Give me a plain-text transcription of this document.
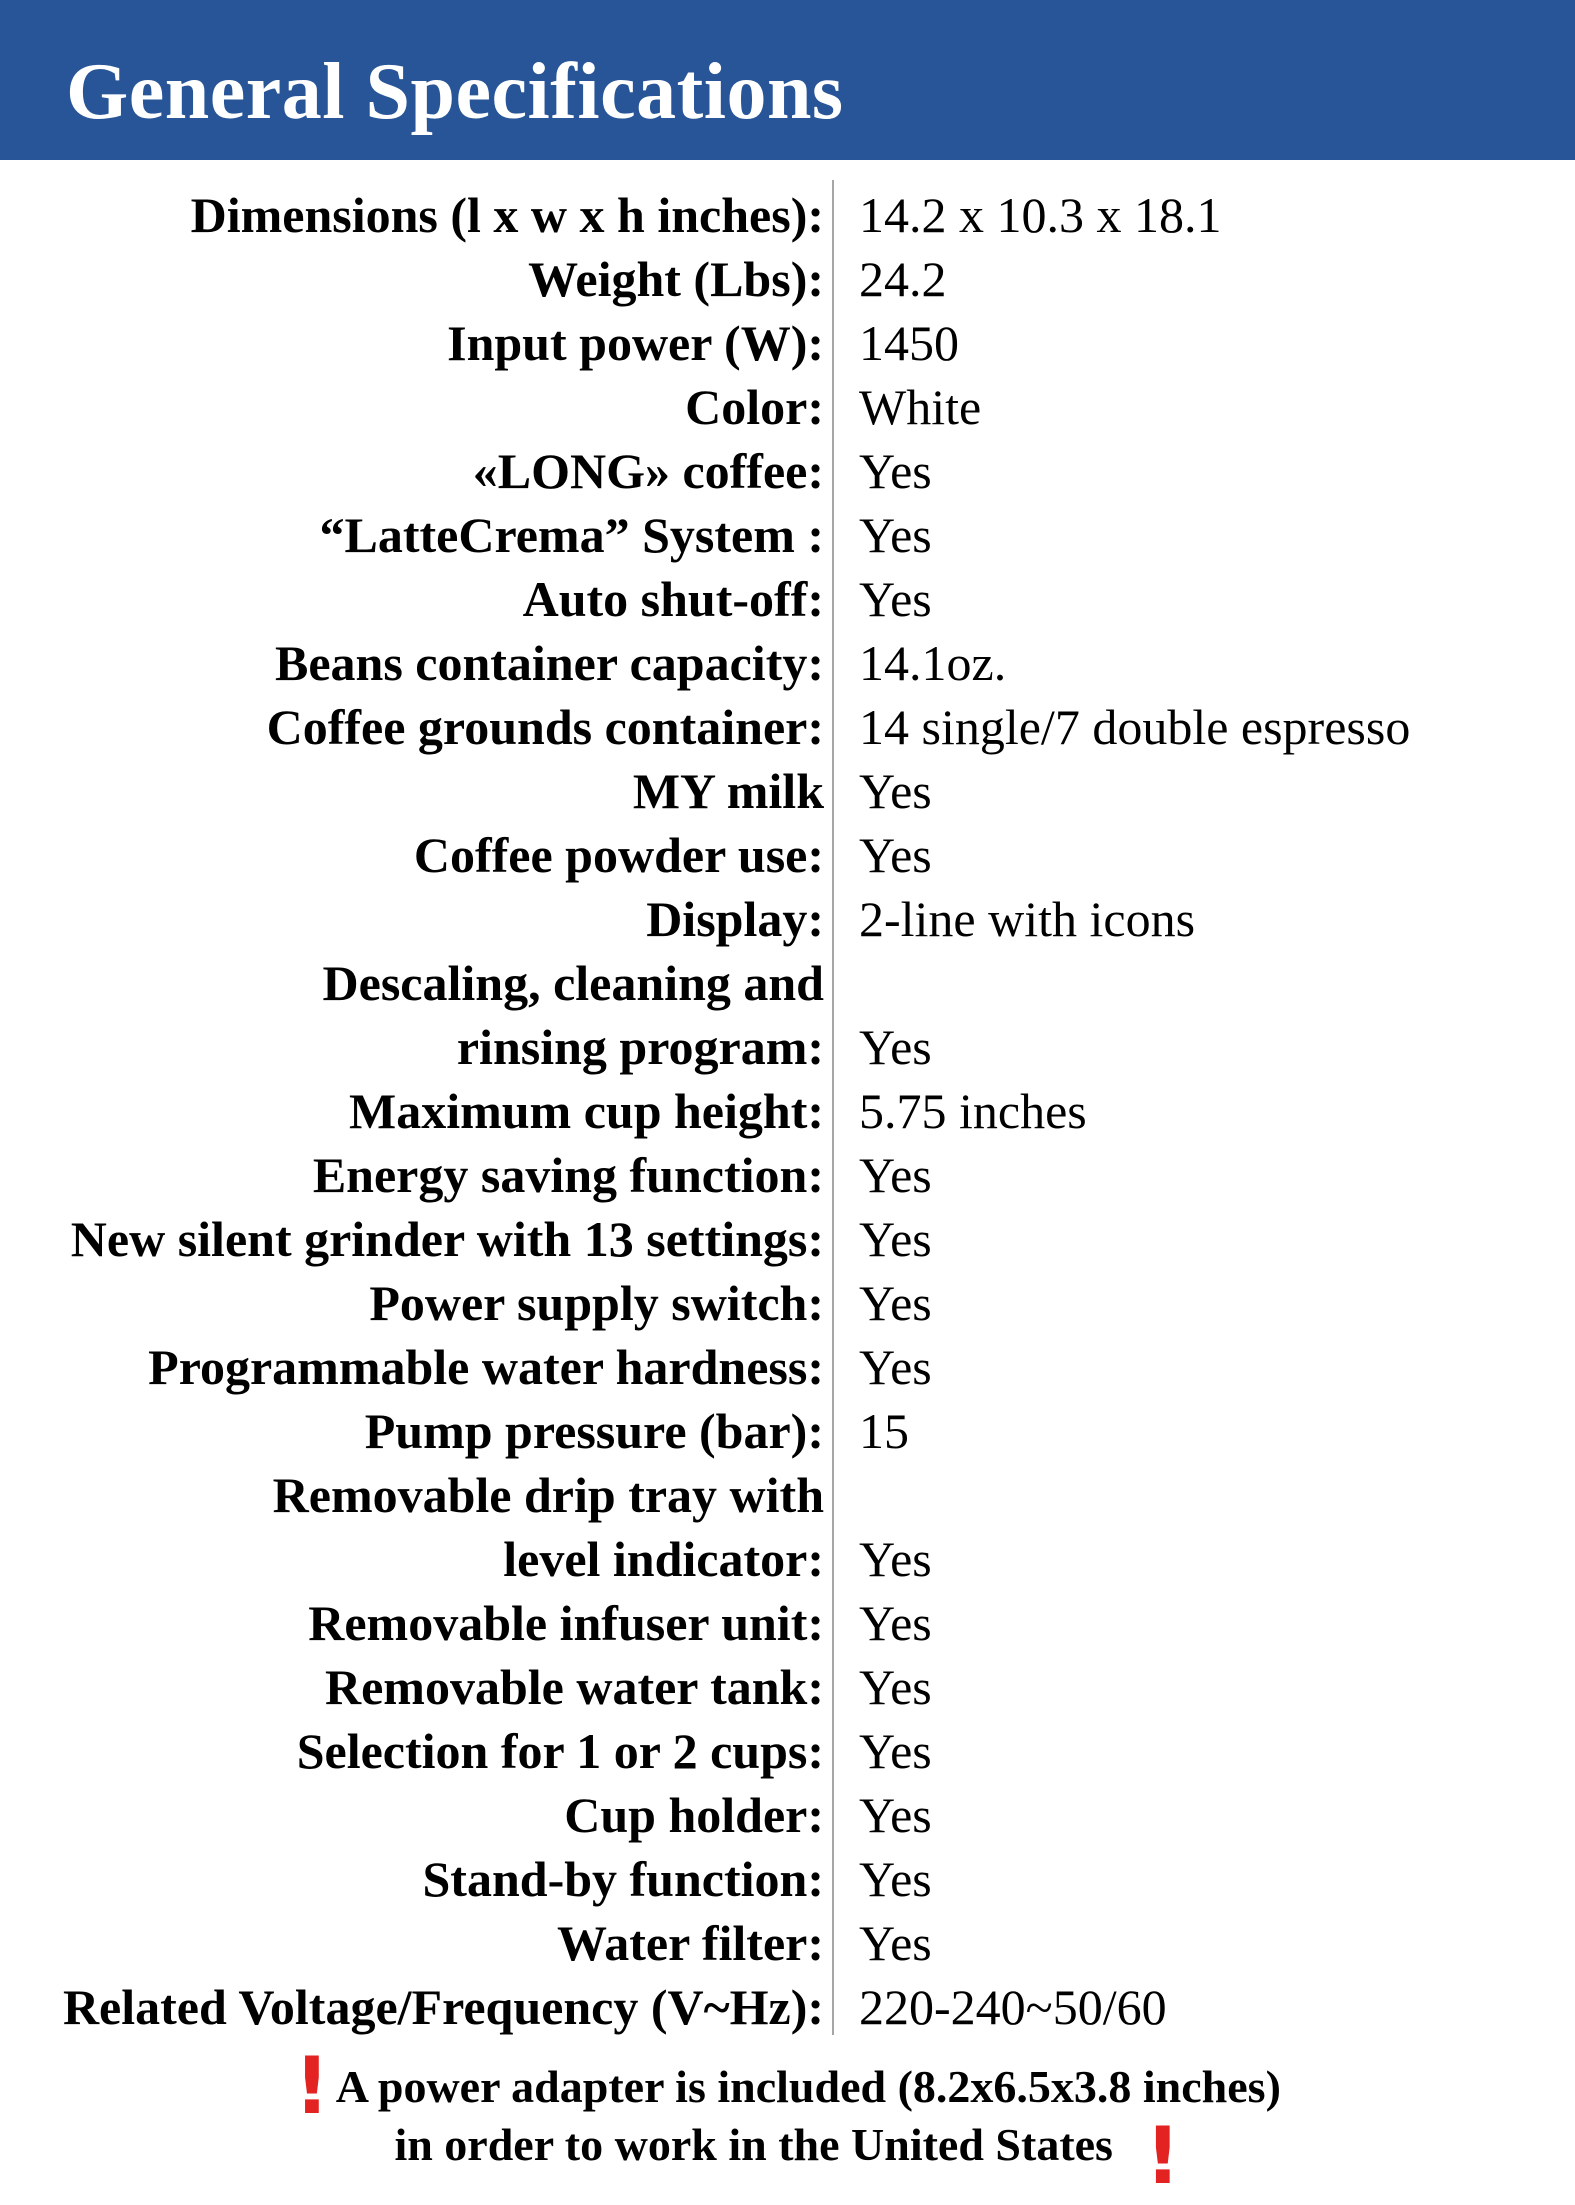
General Specifications
Dimensions (l x w x h inches): 14.2 x 10.3 x 18.1
Weight (Lbs): 24.2
Input power (W): 1450
Color: White
«LONG» coffee: Yes
“LatteCrema” System : Yes
Auto shut-off: Yes
Beans container capacity: 14.1oz.
Coffee grounds container: 14 single/7 double espresso
MY milk Yes
Coffee powder use: Yes
Display: 2-line with icons
Descaling, cleaning and
rinsing program: Yes
Maximum cup height: 5.75 inches
Energy saving function: Yes
New silent grinder with 13 settings: Yes
Power supply switch: Yes
Programmable water hardness: Yes
Pump pressure (bar): 15
Removable drip tray with
level indicator: Yes
Removable infuser unit: Yes
Removable water tank: Yes
Selection for 1 or 2 cups: Yes
Cup holder: Yes
Stand-by function: Yes
Water filter: Yes
Related Voltage/Frequency (V~Hz): 220-240~50/60
! A power adapter is included (8.2x6.5x3.8 inches)
in order to work in the United States !
